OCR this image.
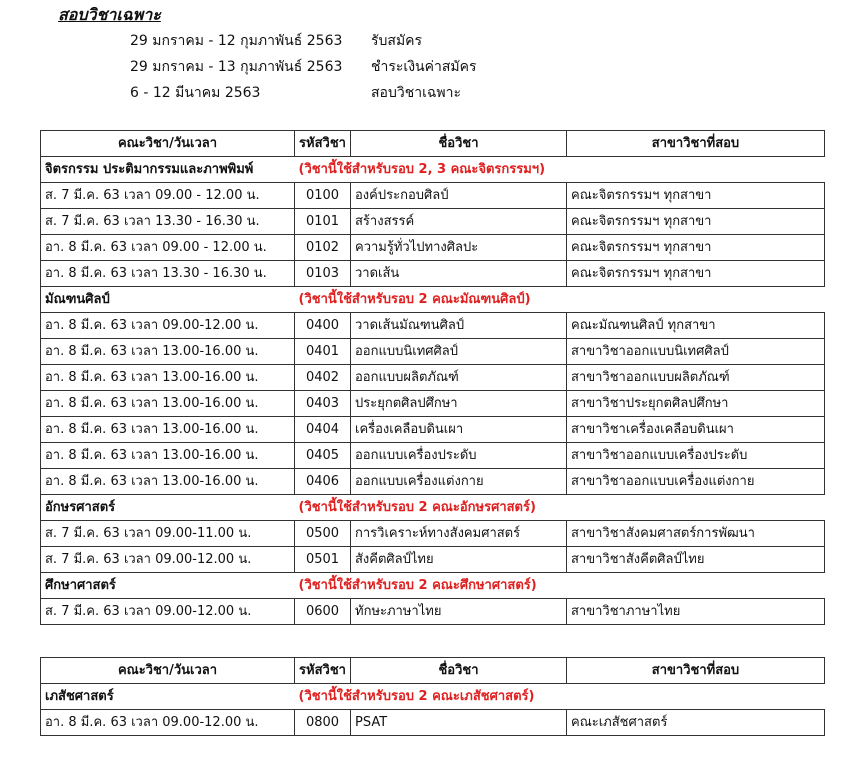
สอบวิชาเฉพาะ
29 มกราคม - 12 กุมภาพันธ์ 2563 รับสมัคร
29 มกราคม - 13 กุมภาพันธ์ 2563 ชำระเงินค่าสมัคร
6 - 12 มีนาคม 2563	สอบวิชาเฉพาะ
คณะวิชา/วันเวลา	รหัสวิชา	ชื่อวิชา	สาขาวิชาที่สอบ
จิตรกรรม ประติมากรรมและภาพพิมพ์	(วิชานี้ใช้สำหรับรอบ 2, 3 คณะจิตรกรรมฯ)		
ส. 7 มี.ค. 63 เวลา 09.00 - 12.00 น.	0100	องค์ประกอบศิลป์	คณะจิตรกรรมฯ ทุกสาขา
ส. 7 มี.ค. 63 เวลา 13.30 - 16.30 น.	0101	สร้างสรรค์	คณะจิตรกรรมฯ ทุกสาขา
อา. 8 มี.ค. 63 เวลา 09.00 - 12.00 น.	0102	ความรู้ทั่วไปทางศิลปะ	คณะจิตรกรรมฯ ทุกสาขา
อา. 8 มี.ค. 63 เวลา 13.30 - 16.30 น.	0103	วาดเส้น	คณะจิตรกรรมฯ ทุกสาขา
มัณฑนศิลป์	(วิชานี้ใช้สำหรับรอบ 2 คณะมัณฑนศิลป์)		
อา. 8 มี.ค. 63 เวลา 09.00-12.00 น.	0400	วาดเส้นมัณฑนศิลป์	คณะมัณฑนศิลป์ ทุกสาขา
อา. 8 มี.ค. 63 เวลา 13.00-16.00 น.	0401	ออกแบบนิเทศศิลป์	สาขาวิชาออกแบบนิเทศศิลป์
อา. 8 มี.ค. 63 เวลา 13.00-16.00 น.	0402	ออกแบบผลิตภัณฑ์	สาขาวิชาออกแบบผลิตภัณฑ์
อา. 8 มี.ค. 63 เวลา 13.00-16.00 น.	0403	ประยุกตศิลปศึกษา	สาขาวิชาประยุกตศิลปศึกษา
อา. 8 มี.ค. 63 เวลา 13.00-16.00 น.	0404	เครื่องเคลือบดินเผา	สาขาวิชาเครื่องเคลือบดินเผา
อา. 8 มี.ค. 63 เวลา 13.00-16.00 น.	0405	ออกแบบเครื่องประดับ	สาขาวิชาออกแบบเครื่องประดับ
อา. 8 มี.ค. 63 เวลา 13.00-16.00 น.	0406	ออกแบบเครื่องแต่งกาย	สาขาวิชาออกแบบเครื่องแต่งกาย
อักษรศาสตร์	(วิชานี้ใช้สำหรับรอบ 2 คณะอักษรศาสตร์)		
ส. 7 มี.ค. 63 เวลา 09.00-11.00 น.	0500	การวิเคราะห์ทางสังคมศาสตร์	สาขาวิชาสังคมศาสตร์การพัฒนา
ส. 7 มี.ค. 63 เวลา 09.00-12.00 น.	0501	สังคีตศิลป์ไทย	สาขาวิชาสังคีตศิลป์ไทย
ศึกษาศาสตร์	(วิชานี้ใช้สำหรับรอบ 2 คณะศึกษาศาสตร์)		
ส. 7 มี.ค. 63 เวลา 09.00-12.00 น.	0600	ทักษะภาษาไทย	สาขาวิชาภาษาไทย
คณะวิชา/วันเวลา	รหัสวิชา	ชื่อวิชา	สาขาวิชาที่สอบ
เภสัชศาสตร์	(วิชานี้ใช้สำหรับรอบ 2 คณะเภสัชศาสตร์)		
อา. 8 มี.ค. 63 เวลา 09.00-12.00 น.	0800	PSAT	คณะเภสัชศาสตร์
